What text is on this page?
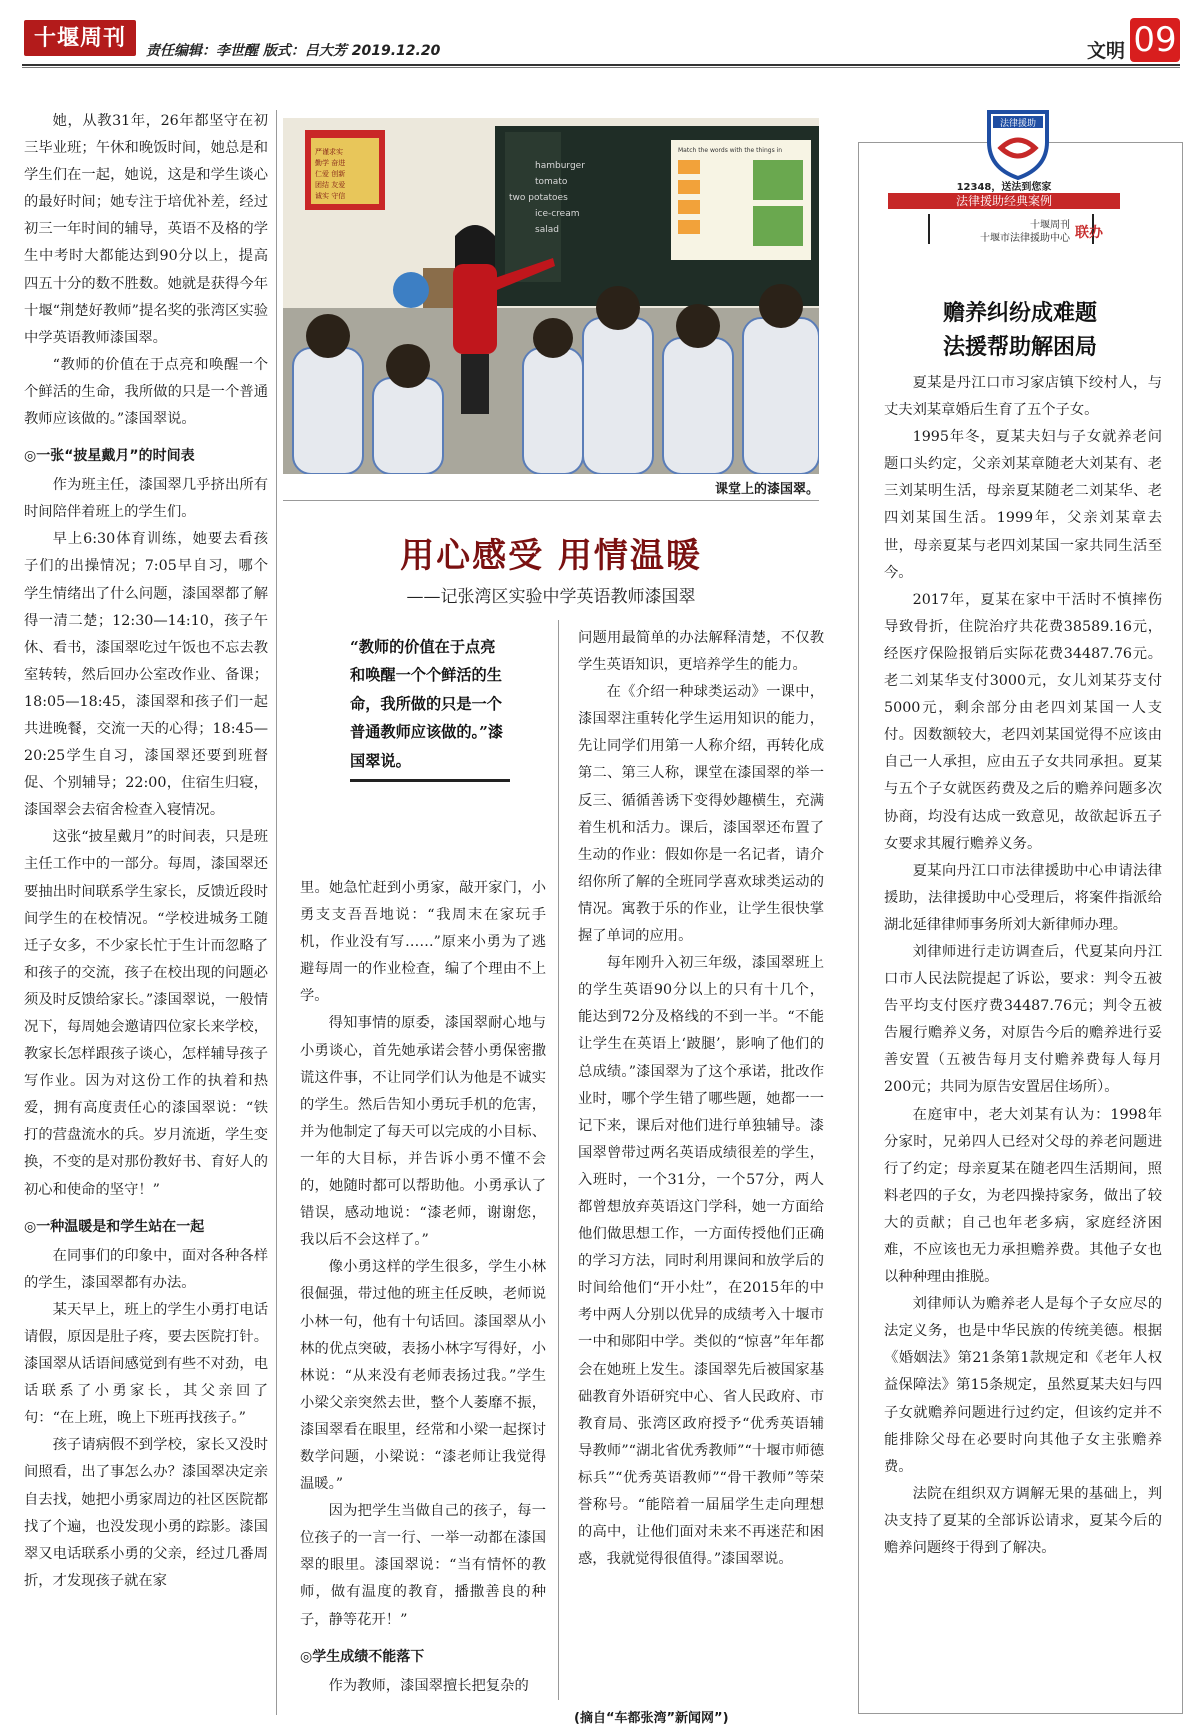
十堰周刊	责任编辑：李世醒 版式：吕大芳 2019.12.20	文明 09

她，从教31年，26年都坚守在初三毕业班；午休和晚饭时间，她总是和学生们在一起，她说，这是和学生谈心的最好时间；她专注于培优补差，经过初三一年时间的辅导，英语不及格的学生中考时大都能达到90分以上，提高四五十分的数不胜数。她就是获得今年十堰“荆楚好教师”提名奖的张湾区实验中学英语教师漆国翠。

“教师的价值在于点亮和唤醒一个个鲜活的生命，我所做的只是一个普通教师应该做的。”漆国翠说。

◎一张“披星戴月”的时间表

作为班主任，漆国翠几乎挤出所有时间陪伴着班上的学生们。

早上6:30体育训练，她要去看孩子们的出操情况；7:05早自习，哪个学生情绪出了什么问题，漆国翠都了解得一清二楚；12:30—14:10，孩子午休、看书，漆国翠吃过午饭也不忘去教室转转，然后回办公室改作业、备课；18:05—18:45，漆国翠和孩子们一起共进晚餐，交流一天的心得；18:45—20:25学生自习，漆国翠还要到班督促、个别辅导；22:00，住宿生归寝，漆国翠会去宿舍检查入寝情况。

这张“披星戴月”的时间表，只是班主任工作中的一部分。每周，漆国翠还要抽出时间联系学生家长，反馈近段时间学生的在校情况。“学校进城务工随迁子女多，不少家长忙于生计而忽略了和孩子的交流，孩子在校出现的问题必须及时反馈给家长。”漆国翠说，一般情况下，每周她会邀请四位家长来学校，教家长怎样跟孩子谈心，怎样辅导孩子写作业。因为对这份工作的执着和热爱，拥有高度责任心的漆国翠说：“铁打的营盘流水的兵。岁月流逝，学生变换，不变的是对那份教好书、育好人的初心和使命的坚守！”

◎一种温暖是和学生站在一起

在同事们的印象中，面对各种各样的学生，漆国翠都有办法。

某天早上，班上的学生小勇打电话请假，原因是肚子疼，要去医院打针。漆国翠从话语间感觉到有些不对劲，电话联系了小勇家长，其父亲回了句：“在上班，晚上下班再找孩子。”

孩子请病假不到学校，家长又没时间照看，出了事怎么办？漆国翠决定亲自去找，她把小勇家周边的社区医院都找了个遍，也没发现小勇的踪影。漆国翠又电话联系小勇的父亲，经过几番周折，才发现孩子就在家

严谨求实勤学 奋进仁爱 创新团结 友爱诚实 守信
hamburger tomato two potatoes ice-cream salad
Match the words with the things in
课堂上的漆国翠。
用心感受 用情温暖
——记张湾区实验中学英语教师漆国翠
“教师的价值在于点亮和唤醒一个个鲜活的生命，我所做的只是一个普通教师应该做的。”漆国翠说。

里。她急忙赶到小勇家，敲开家门，小勇支支吾吾地说：“我周末在家玩手机，作业没有写……”原来小勇为了逃避每周一的作业检查，编了个理由不上学。

得知事情的原委，漆国翠耐心地与小勇谈心，首先她承诺会替小勇保密撒谎这件事，不让同学们认为他是不诚实的学生。然后告知小勇玩手机的危害，并为他制定了每天可以完成的小目标、一年的大目标，并告诉小勇不懂不会的，她随时都可以帮助他。小勇承认了错误，感动地说：“漆老师，谢谢您，我以后不会这样了。”

像小勇这样的学生很多，学生小林很倔强，带过他的班主任反映，老师说小林一句，他有十句话回。漆国翠从小林的优点突破，表扬小林字写得好，小林说：“从来没有老师表扬过我。”学生小梁父亲突然去世，整个人萎靡不振，漆国翠看在眼里，经常和小梁一起探讨数学问题，小梁说：“漆老师让我觉得温暖。”

因为把学生当做自己的孩子，每一位孩子的一言一行、一举一动都在漆国翠的眼里。漆国翠说：“当有情怀的教师，做有温度的教育，播撒善良的种子，静等花开！”

◎学生成绩不能落下

作为教师，漆国翠擅长把复杂的

问题用最简单的办法解释清楚，不仅教学生英语知识，更培养学生的能力。

在《介绍一种球类运动》一课中，漆国翠注重转化学生运用知识的能力，先让同学们用第一人称介绍，再转化成第二、第三人称，课堂在漆国翠的举一反三、循循善诱下变得妙趣横生，充满着生机和活力。课后，漆国翠还布置了生动的作业：假如你是一名记者，请介绍你所了解的全班同学喜欢球类运动的情况。寓教于乐的作业，让学生很快掌握了单词的应用。

每年刚升入初三年级，漆国翠班上的学生英语90分以上的只有十几个，能达到72分及格线的不到一半。“不能让学生在英语上‘跛腿’，影响了他们的总成绩。”漆国翠为了这个承诺，批改作业时，哪个学生错了哪些题，她都一一记下来，课后对他们进行单独辅导。漆国翠曾带过两名英语成绩很差的学生，入班时，一个31分，一个57分，两人都曾想放弃英语这门学科，她一方面给他们做思想工作，一方面传授他们正确的学习方法，同时利用课间和放学后的时间给他们“开小灶”，在2015年的中考中两人分别以优异的成绩考入十堰市一中和郧阳中学。类似的“惊喜”年年都会在她班上发生。漆国翠先后被国家基础教育外语研究中心、省人民政府、市教育局、张湾区政府授予“优秀英语辅导教师”“湖北省优秀教师”“十堰市师德标兵”“优秀英语教师”“骨干教师”等荣誉称号。“能陪着一届届学生走向理想的高中，让他们面对未来不再迷茫和困惑，我就觉得很值得。”漆国翠说。

(摘自“车都张湾”新闻网”)
法律援助
12348，送法到您家
法律援助经典案例
十堰周刊
十堰市法律援助中心 联办
赡养纠纷成难题
法援帮助解困局

夏某是丹江口市习家店镇下绞村人，与丈夫刘某章婚后生育了五个子女。

1995年冬，夏某夫妇与子女就养老问题口头约定，父亲刘某章随老大刘某有、老三刘某明生活，母亲夏某随老二刘某华、老四刘某国生活。1999年，父亲刘某章去世，母亲夏某与老四刘某国一家共同生活至今。

2017年，夏某在家中干活时不慎摔伤导致骨折，住院治疗共花费38589.16元，经医疗保险报销后实际花费34487.76元。老二刘某华支付3000元，女儿刘某芬支付5000元，剩余部分由老四刘某国一人支付。因数额较大，老四刘某国觉得不应该由自己一人承担，应由五子女共同承担。夏某与五个子女就医药费及之后的赡养问题多次协商，均没有达成一致意见，故欲起诉五子女要求其履行赡养义务。

夏某向丹江口市法律援助中心申请法律援助，法律援助中心受理后，将案件指派给湖北延律律师事务所刘大新律师办理。

刘律师进行走访调查后，代夏某向丹江口市人民法院提起了诉讼，要求：判令五被告平均支付医疗费34487.76元；判令五被告履行赡养义务，对原告今后的赡养进行妥善安置（五被告每月支付赡养费每人每月200元；共同为原告安置居住场所）。

在庭审中，老大刘某有认为：1998年分家时，兄弟四人已经对父母的养老问题进行了约定；母亲夏某在随老四生活期间，照料老四的子女，为老四操持家务，做出了较大的贡献；自己也年老多病，家庭经济困难，不应该也无力承担赡养费。其他子女也以种种理由推脱。

刘律师认为赡养老人是每个子女应尽的法定义务，也是中华民族的传统美德。根据《婚姻法》第21条第1款规定和《老年人权益保障法》第15条规定，虽然夏某夫妇与四子女就赡养问题进行过约定，但该约定并不能排除父母在必要时向其他子女主张赡养费。

法院在组织双方调解无果的基础上，判决支持了夏某的全部诉讼请求，夏某今后的赡养问题终于得到了解决。
